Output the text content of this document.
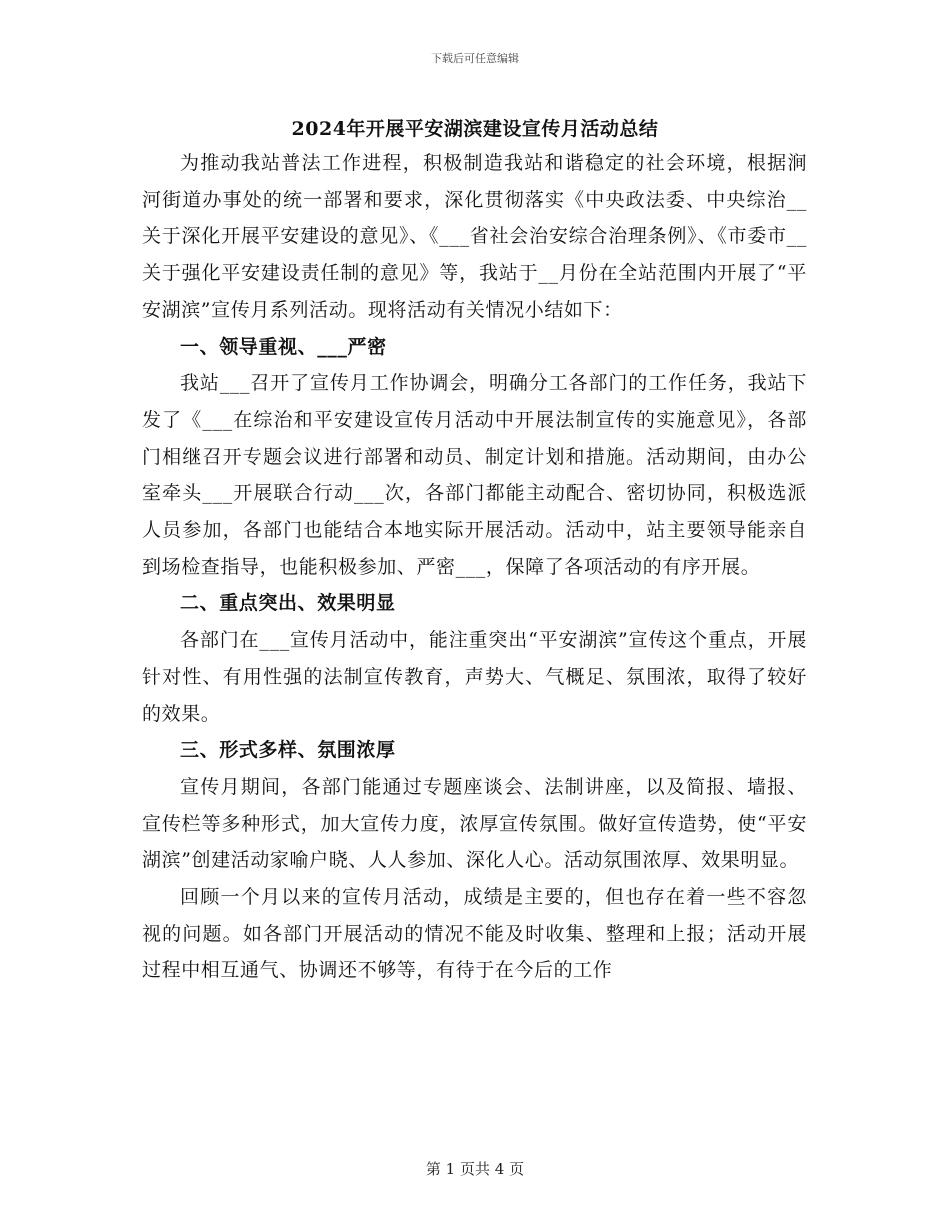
下载后可任意编辑
2024年开展平安湖滨建设宣传月活动总结

为推动我站普法工作进程，积极制造我站和谐稳定的社会环境，根据涧河街道办事处的统一部署和要求，深化贯彻落实《中央政法委、中央综治__关于深化开展平安建设的意见》、《___省社会治安综合治理条例》、《市委市__关于强化平安建设责任制的意见》等，我站于__月份在全站范围内开展了“平安湖滨”宣传月系列活动。现将活动有关情况小结如下：

一、领导重视、___严密

我站___召开了宣传月工作协调会，明确分工各部门的工作任务，我站下发了《___在综治和平安建设宣传月活动中开展法制宣传的实施意见》，各部门相继召开专题会议进行部署和动员、制定计划和措施。活动期间，由办公室牵头___开展联合行动___次，各部门都能主动配合、密切协同，积极选派人员参加，各部门也能结合本地实际开展活动。活动中，站主要领导能亲自到场检查指导，也能积极参加、严密___，保障了各项活动的有序开展。

二、重点突出、效果明显

各部门在___宣传月活动中，能注重突出“平安湖滨”宣传这个重点，开展针对性、有用性强的法制宣传教育，声势大、气概足、氛围浓，取得了较好的效果。

三、形式多样、氛围浓厚

宣传月期间，各部门能通过专题座谈会、法制讲座，以及简报、墙报、宣传栏等多种形式，加大宣传力度，浓厚宣传氛围。做好宣传造势，使“平安湖滨”创建活动家喻户晓、人人参加、深化人心。活动氛围浓厚、效果明显。

回顾一个月以来的宣传月活动，成绩是主要的，但也存在着一些不容忽视的问题。如各部门开展活动的情况不能及时收集、整理和上报；活动开展过程中相互通气、协调还不够等，有待于在今后的工作

第 1 页共 4 页
